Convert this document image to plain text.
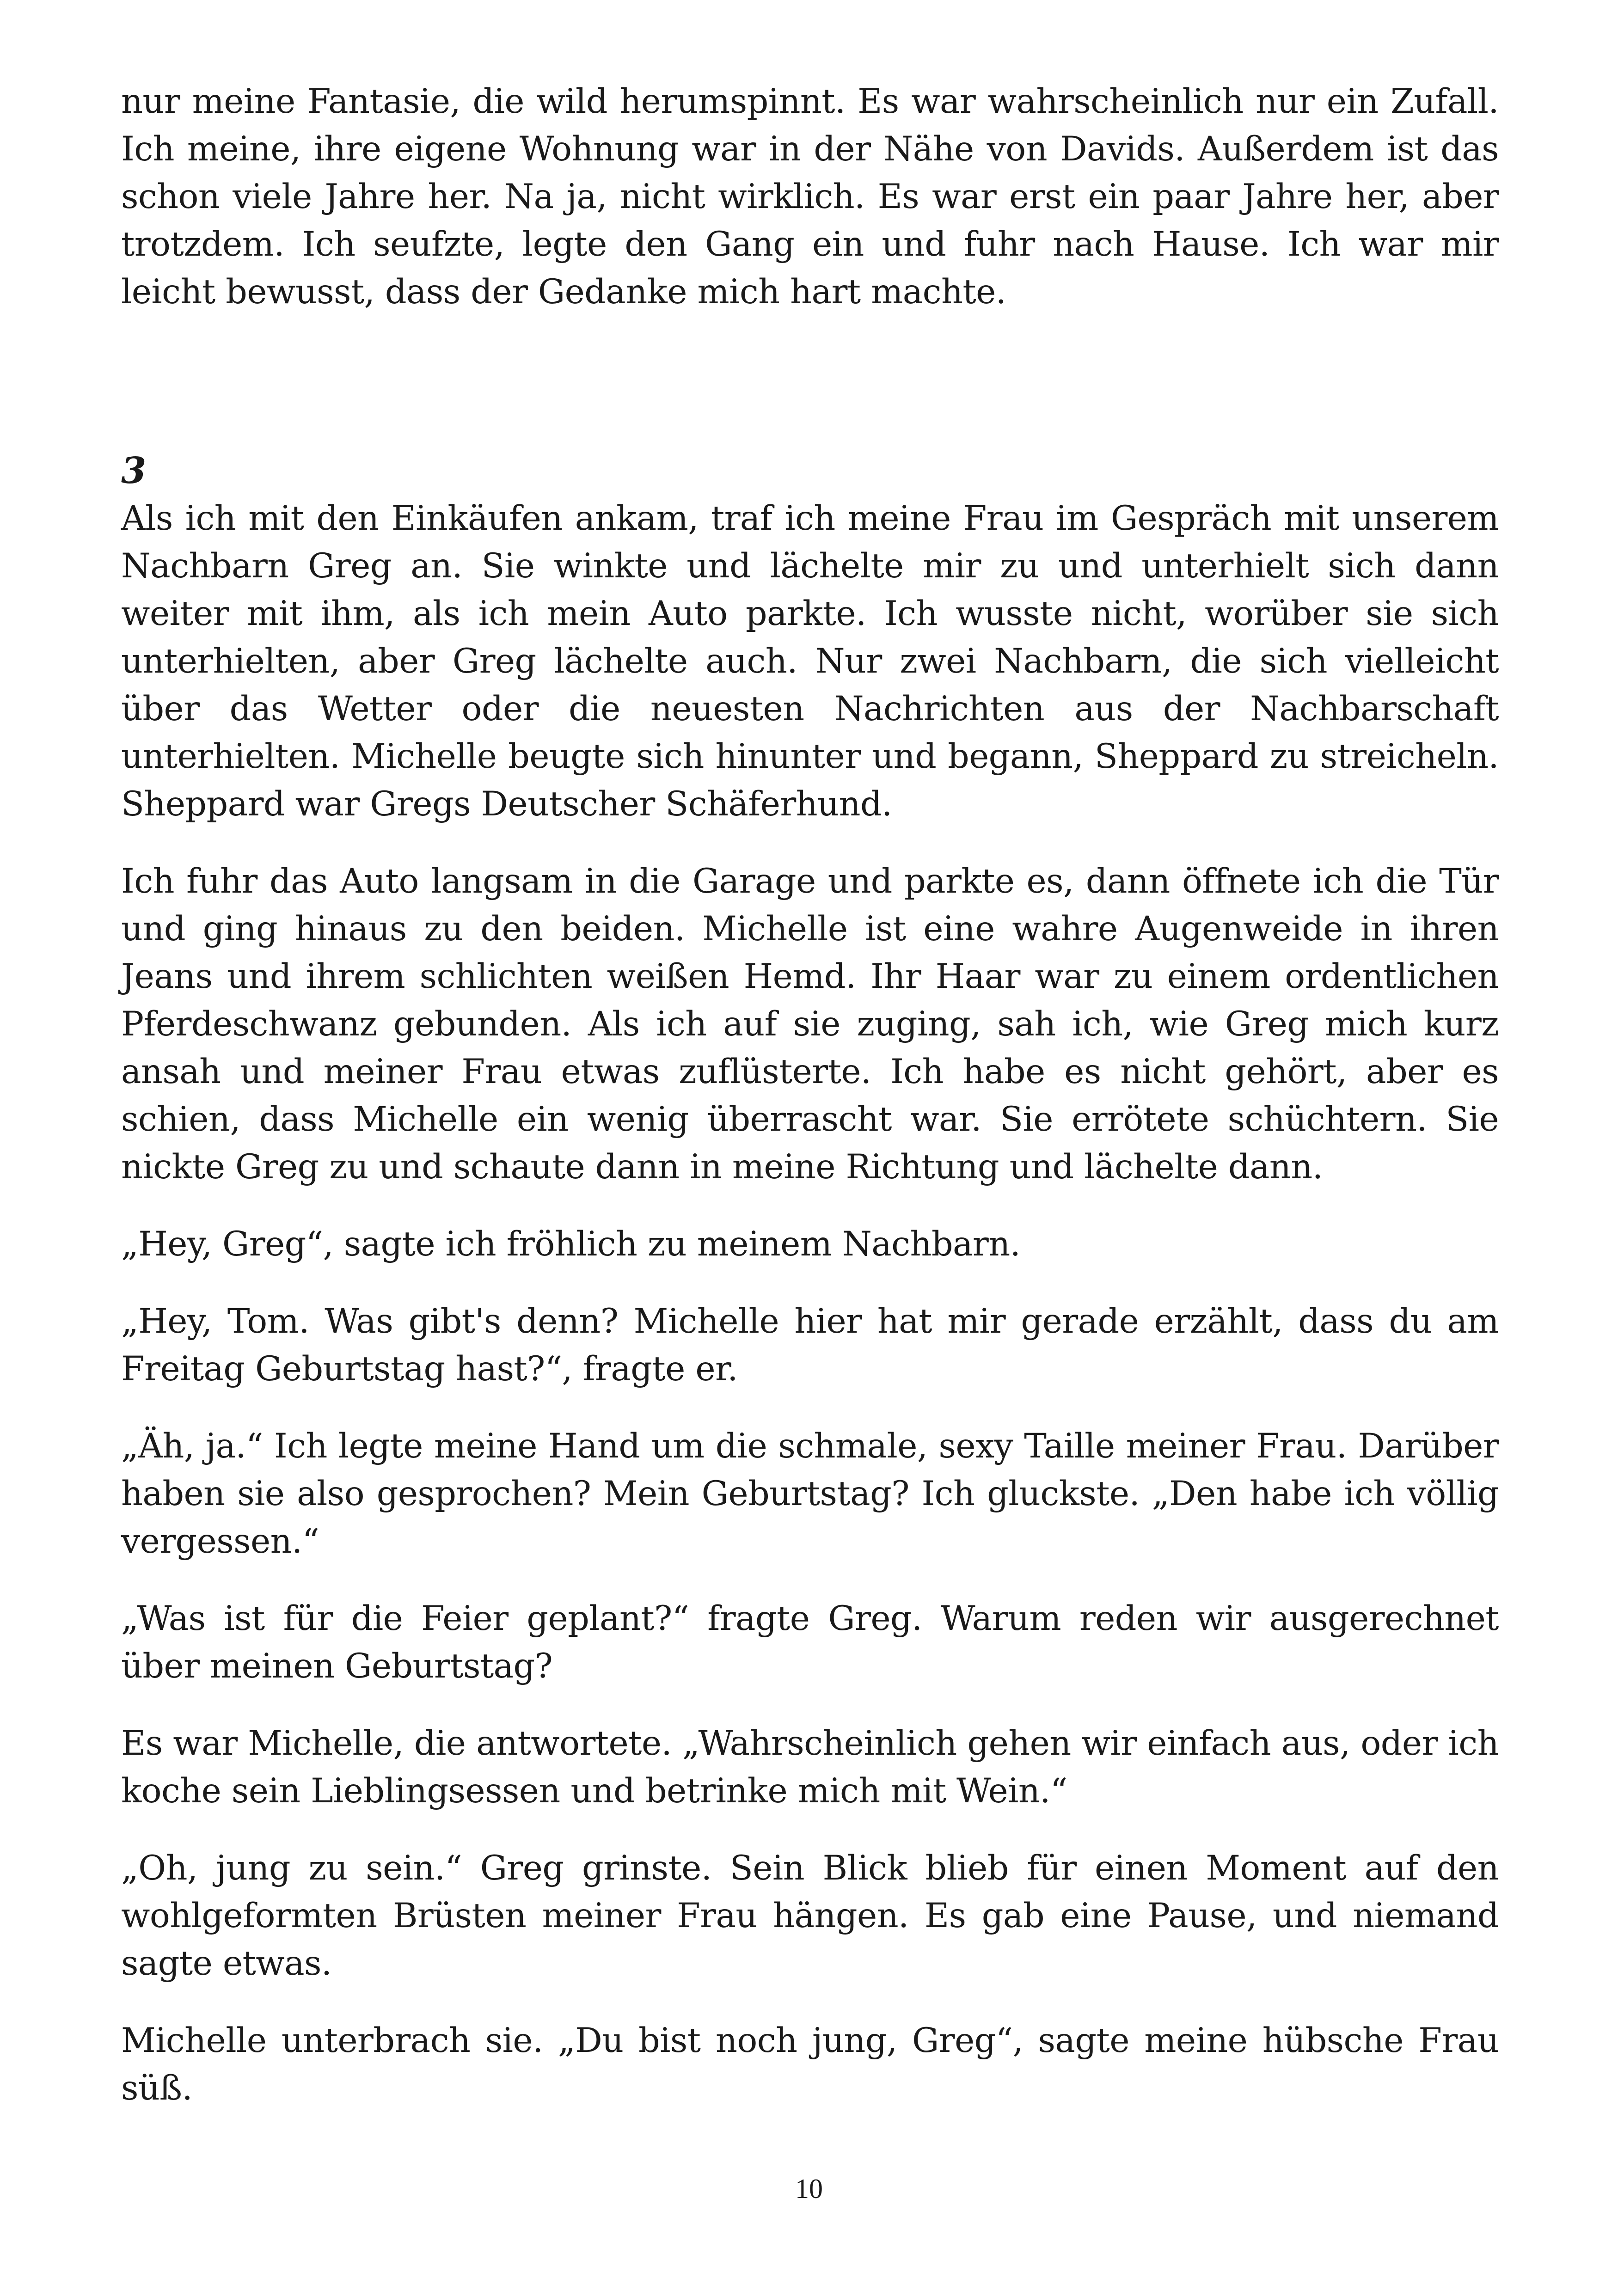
nur meine Fantasie, die wild herumspinnt. Es war wahrscheinlich nur ein Zufall. Ich meine, ihre eigene Wohnung war in der Nähe von Davids. Außerdem ist das schon viele Jahre her. Na ja, nicht wirklich. Es war erst ein paar Jahre her, aber trotzdem. Ich seufzte, legte den Gang ein und fuhr nach Hause. Ich war mir leicht bewusst, dass der Gedanke mich hart machte.

3

Als ich mit den Einkäufen ankam, traf ich meine Frau im Gespräch mit unserem Nachbarn Greg an. Sie winkte und lächelte mir zu und unterhielt sich dann weiter mit ihm, als ich mein Auto parkte. Ich wusste nicht, worüber sie sich unterhielten, aber Greg lächelte auch. Nur zwei Nachbarn, die sich vielleicht über das Wetter oder die neuesten Nachrichten aus der Nachbarschaft unterhielten. Michelle beugte sich hinunter und begann, Sheppard zu streicheln. Sheppard war Gregs Deutscher Schäferhund.

Ich fuhr das Auto langsam in die Garage und parkte es, dann öffnete ich die Tür und ging hinaus zu den beiden. Michelle ist eine wahre Augenweide in ihren Jeans und ihrem schlichten weißen Hemd. Ihr Haar war zu einem ordentlichen Pferdeschwanz gebunden. Als ich auf sie zuging, sah ich, wie Greg mich kurz ansah und meiner Frau etwas zuflüsterte. Ich habe es nicht gehört, aber es schien, dass Michelle ein wenig überrascht war. Sie errötete schüchtern. Sie nickte Greg zu und schaute dann in meine Richtung und lächelte dann.

„Hey, Greg“, sagte ich fröhlich zu meinem Nachbarn.

„Hey, Tom. Was gibt's denn? Michelle hier hat mir gerade erzählt, dass du am Freitag Geburtstag hast?“, fragte er.

„Äh, ja.“ Ich legte meine Hand um die schmale, sexy Taille meiner Frau. Darüber haben sie also gesprochen? Mein Geburtstag? Ich gluckste. „Den habe ich völlig vergessen.“

„Was ist für die Feier geplant?“ fragte Greg. Warum reden wir ausgerechnet über meinen Geburtstag?

Es war Michelle, die antwortete. „Wahrscheinlich gehen wir einfach aus, oder ich koche sein Lieblingsessen und betrinke mich mit Wein.“

„Oh, jung zu sein.“ Greg grinste. Sein Blick blieb für einen Moment auf den wohlgeformten Brüsten meiner Frau hängen. Es gab eine Pause, und niemand sagte etwas.

Michelle unterbrach sie. „Du bist noch jung, Greg“, sagte meine hübsche Frau süß.

10
